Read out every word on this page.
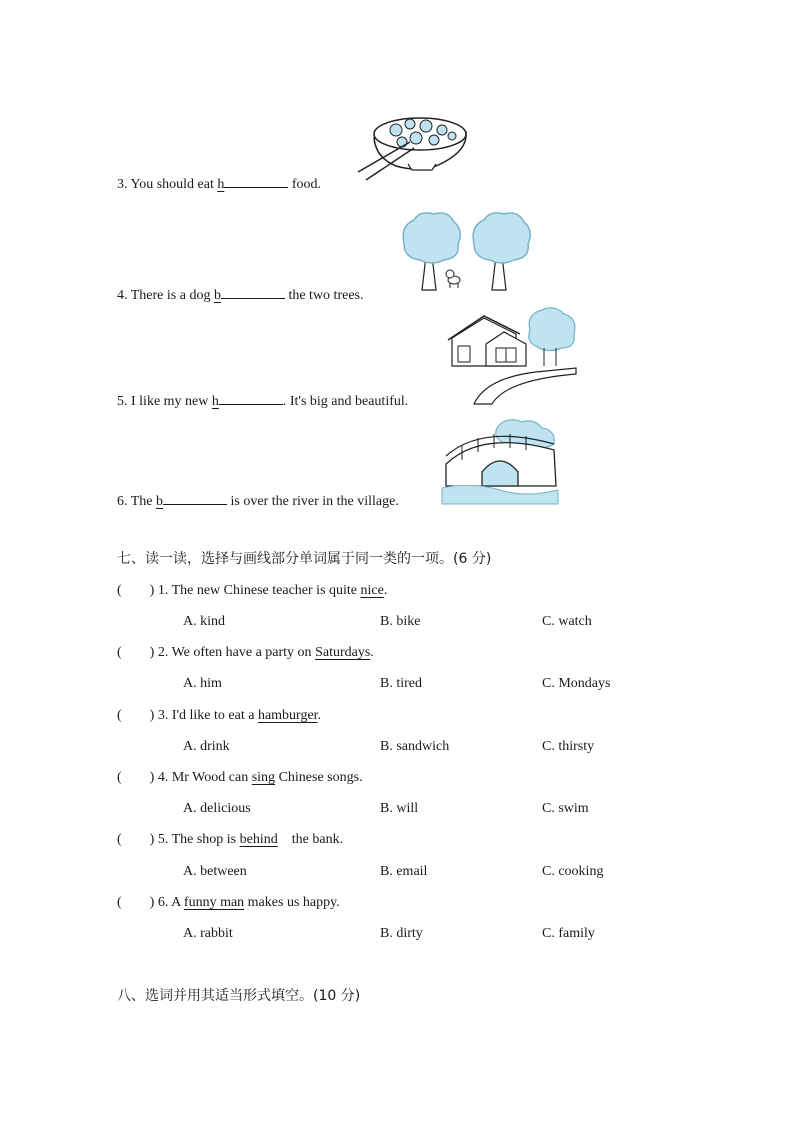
3. You should eat h	food.
4. There is a dog b	the two trees.
5. I like my new h	. It's big and beautiful.
6. The b	is over the river in the village.
七、读一读，选择与画线部分单词属于同一类的一项。(6 分)
(        ) 1. The new Chinese teacher is quite nice.
A. kind	B. bike	C. watch
(        ) 2. We often have a party on Saturdays.
A. him	B. tired	C. Mondays
(        ) 3. I'd like to eat a hamburger.
A. drink	B. sandwich	C. thirsty
(        ) 4. Mr Wood can sing Chinese songs.
A. delicious	B. will	C. swim
(        ) 5. The shop is behind the bank.
A. between	B. email	C. cooking
(        ) 6. A funny man makes us happy.
A. rabbit	B. dirty	C. family
八、选词并用其适当形式填空。(10 分)
